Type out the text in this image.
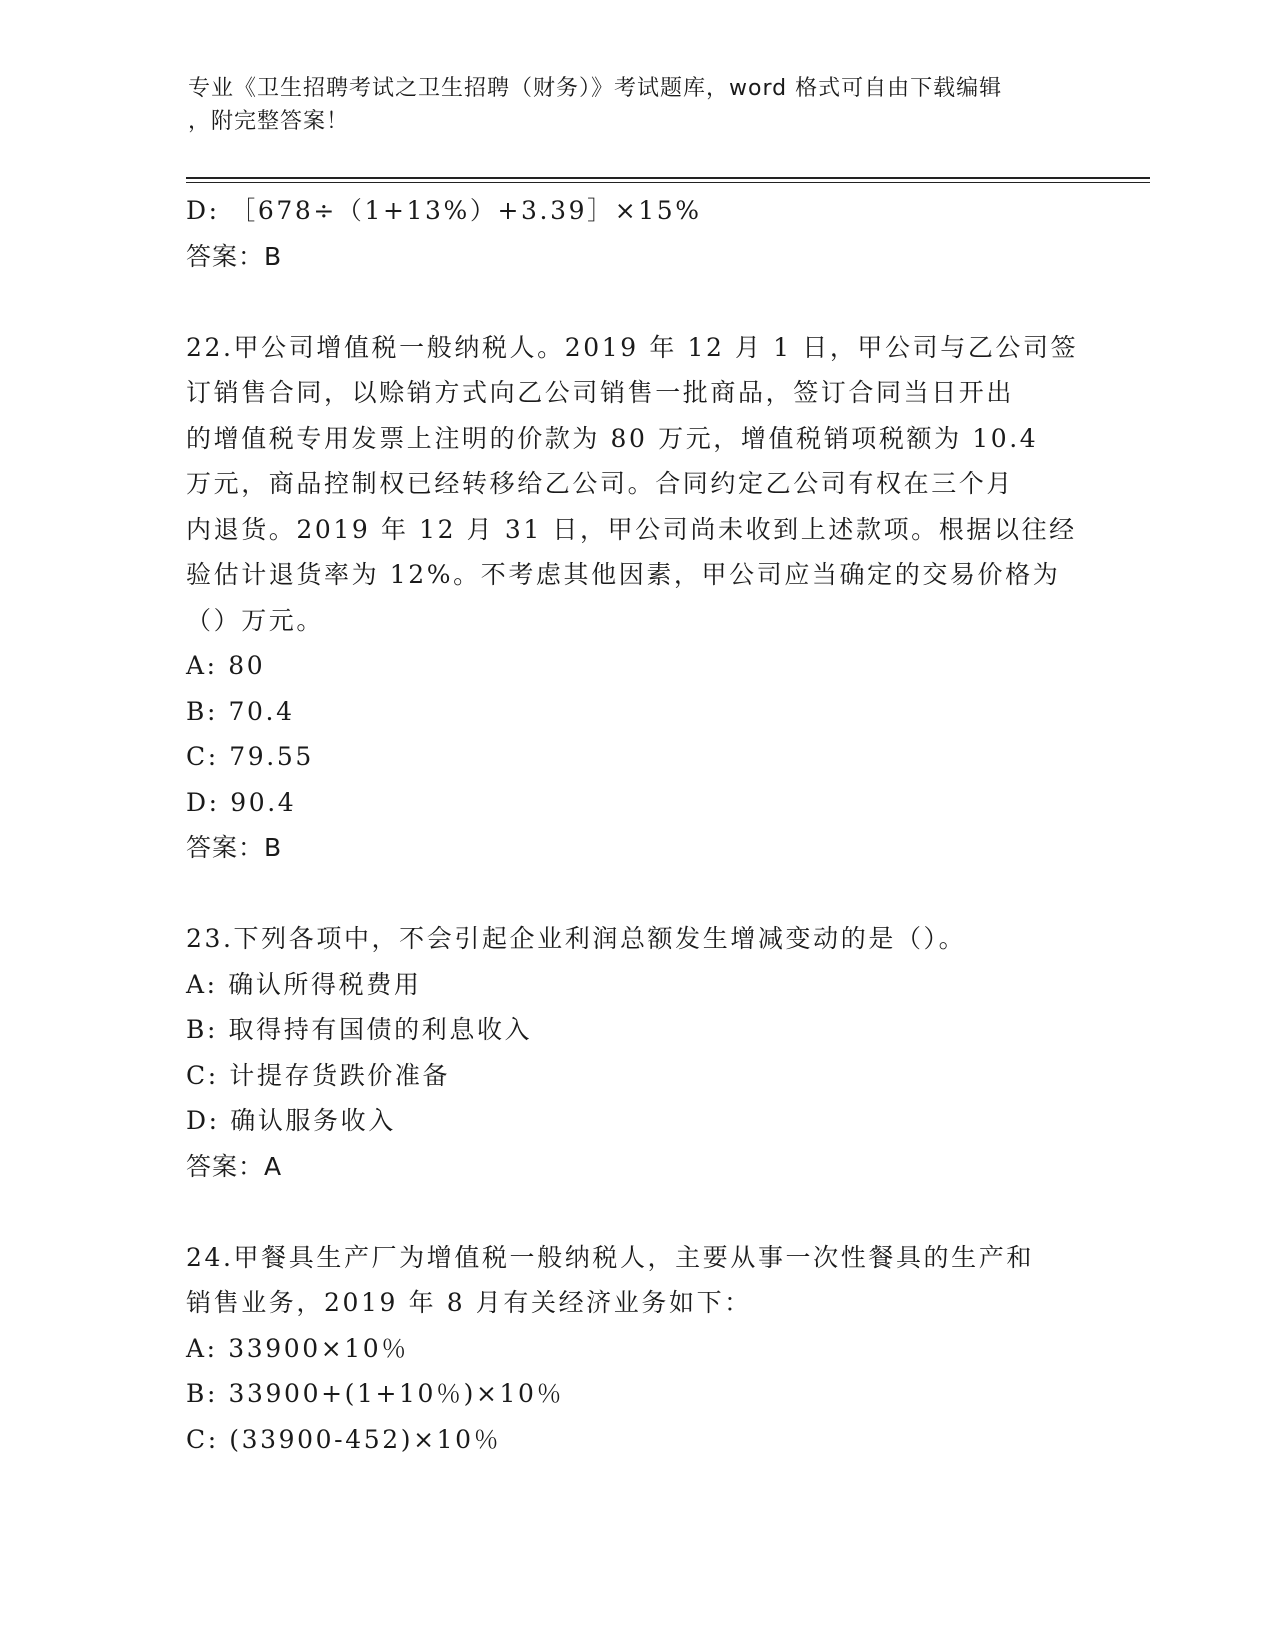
专业《卫生招聘考试之卫生招聘（财务）》考试题库，word 格式可自由下载编辑
，附完整答案！
D: ［678÷（1+13%）+3.39］×15%
答案：B
22.甲公司增值税一般纳税人。2019 年 12 月 1 日，甲公司与乙公司签
订销售合同，以赊销方式向乙公司销售一批商品，签订合同当日开出
的增值税专用发票上注明的价款为 80 万元，增值税销项税额为 10.4
万元，商品控制权已经转移给乙公司。合同约定乙公司有权在三个月
内退货。2019 年 12 月 31 日，甲公司尚未收到上述款项。根据以往经
验估计退货率为 12%。不考虑其他因素，甲公司应当确定的交易价格为
（）万元。
A: 80
B: 70.4
C: 79.55
D: 90.4
答案：B
23.下列各项中，不会引起企业利润总额发生增减变动的是（）。
A: 确认所得税费用
B: 取得持有国债的利息收入
C: 计提存货跌价准备
D: 确认服务收入
答案：A
24.甲餐具生产厂为增值税一般纳税人，主要从事一次性餐具的生产和
销售业务，2019 年 8 月有关经济业务如下：
A: 33900×10％
B: 33900+(1+10％)×10％
C: (33900-452)×10％
